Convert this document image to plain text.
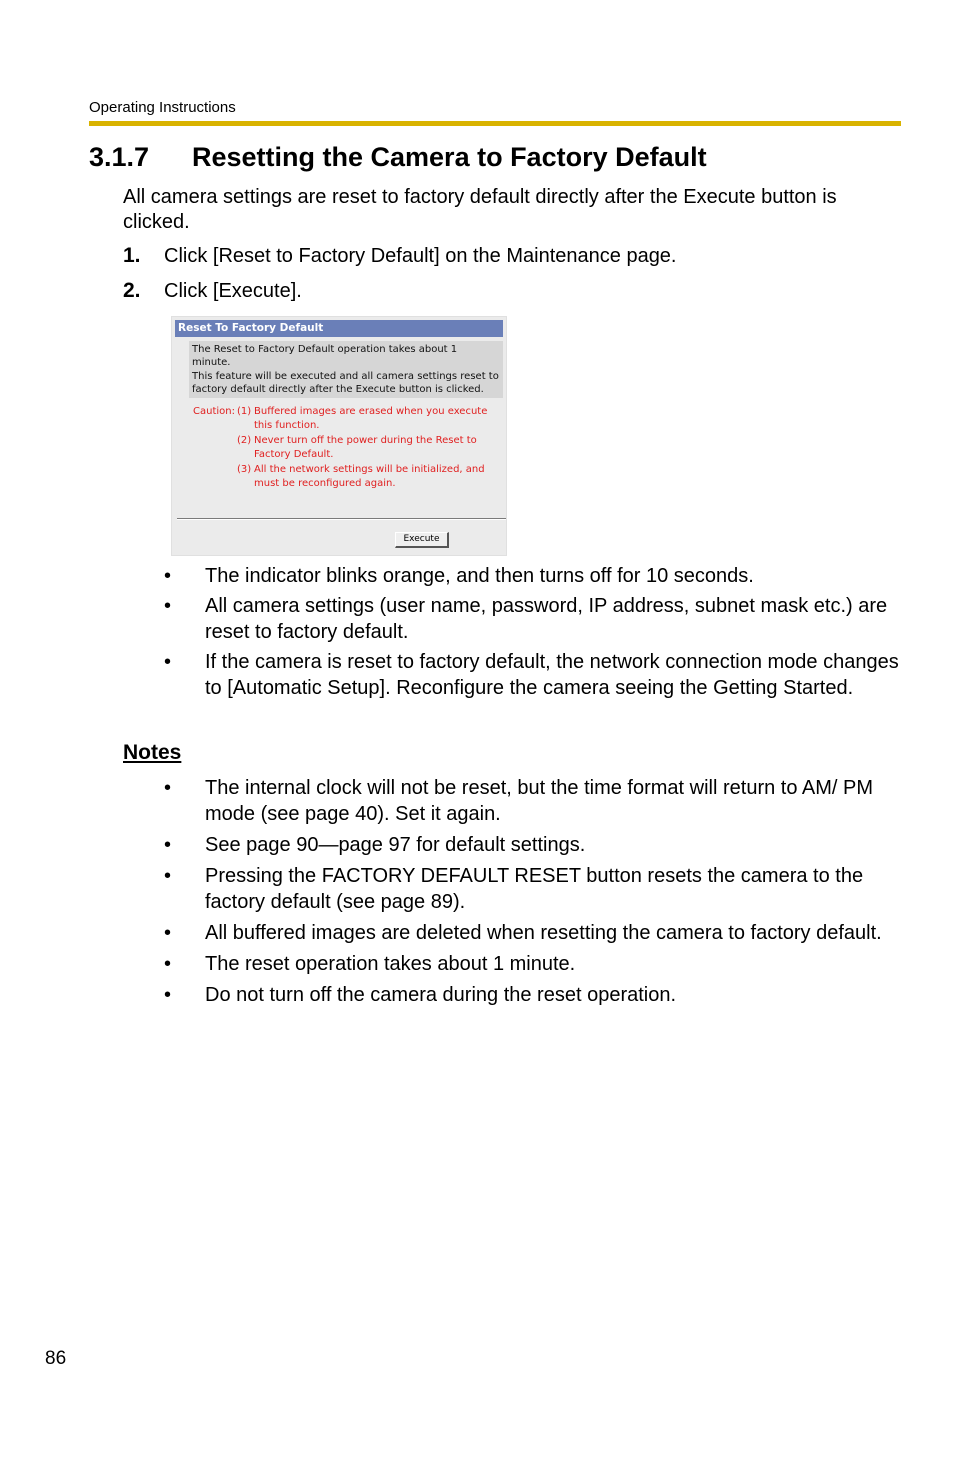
Operating Instructions
3.1.7 Resetting the Camera to Factory Default
All camera settings are reset to factory default directly after the Execute button is clicked.
1. Click [Reset to Factory Default] on the Maintenance page.
2. Click [Execute].
Reset To Factory Default
The Reset to Factory Default operation takes about 1
minute.
This feature will be executed and all camera settings reset to
factory default directly after the Execute button is clicked.
Caution: (1) Buffered images are erased when you execute
this function.
(2) Never turn off the power during the Reset to
Factory Default.
(3) All the network settings will be initialized, and
must be reconfigured again.
Execute
• The indicator blinks orange, and then turns off for 10 seconds.
• All camera settings (user name, password, IP address, subnet mask etc.) are reset to factory default.
• If the camera is reset to factory default, the network connection mode changes to [Automatic Setup]. Reconfigure the camera seeing the Getting Started.
Notes
• The internal clock will not be reset, but the time format will return to AM/ PM mode (see page 40). Set it again.
• See page 90—page 97 for default settings.
• Pressing the FACTORY DEFAULT RESET button resets the camera to the factory default (see page 89).
• All buffered images are deleted when resetting the camera to factory default.
• The reset operation takes about 1 minute.
• Do not turn off the camera during the reset operation.
86
